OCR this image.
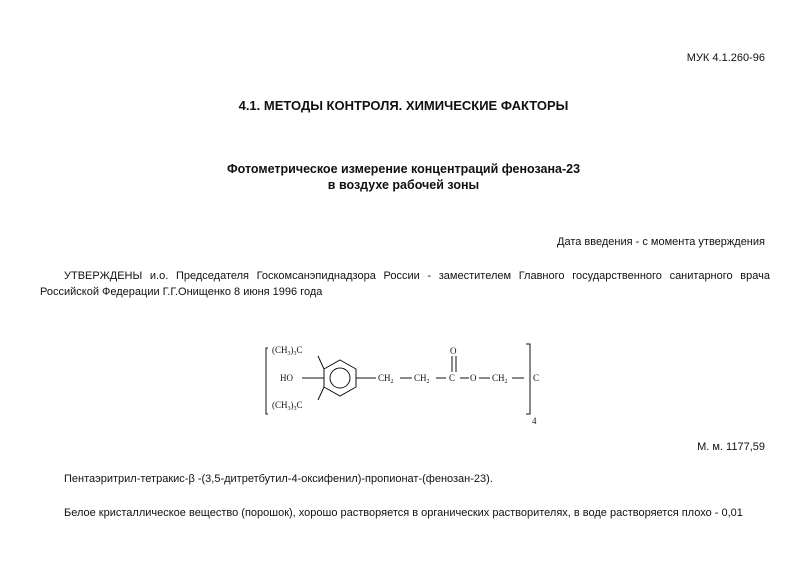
МУК 4.1.260-96
4.1. МЕТОДЫ КОНТРОЛЯ. ХИМИЧЕСКИЕ ФАКТОРЫ
Фотометрическое измерение концентраций фенозана-23
в воздухе рабочей зоны
Дата введения - с момента утверждения
УТВЕРЖДЕНЫ и.о. Председателя Госкомсанэпиднадзора России - заместителем Главного государственного санитарного врача Российской Федерации Г.Г.Онищенко 8 июня 1996 года
$(CH_3)_3C$
HO
$(CH_3)_3C$
$CH_2$ $CH_2$ C
O
O $CH_2$	C
4
М. м. 1177,59
Пентаэритрил-тетракис-β -(3,5-дитретбутил-4-оксифенил)-пропионат-(фенозан-23).
Белое кристаллическое вещество (порошок), хорошо растворяется в органических растворителях, в воде растворяется плохо - 0,01
